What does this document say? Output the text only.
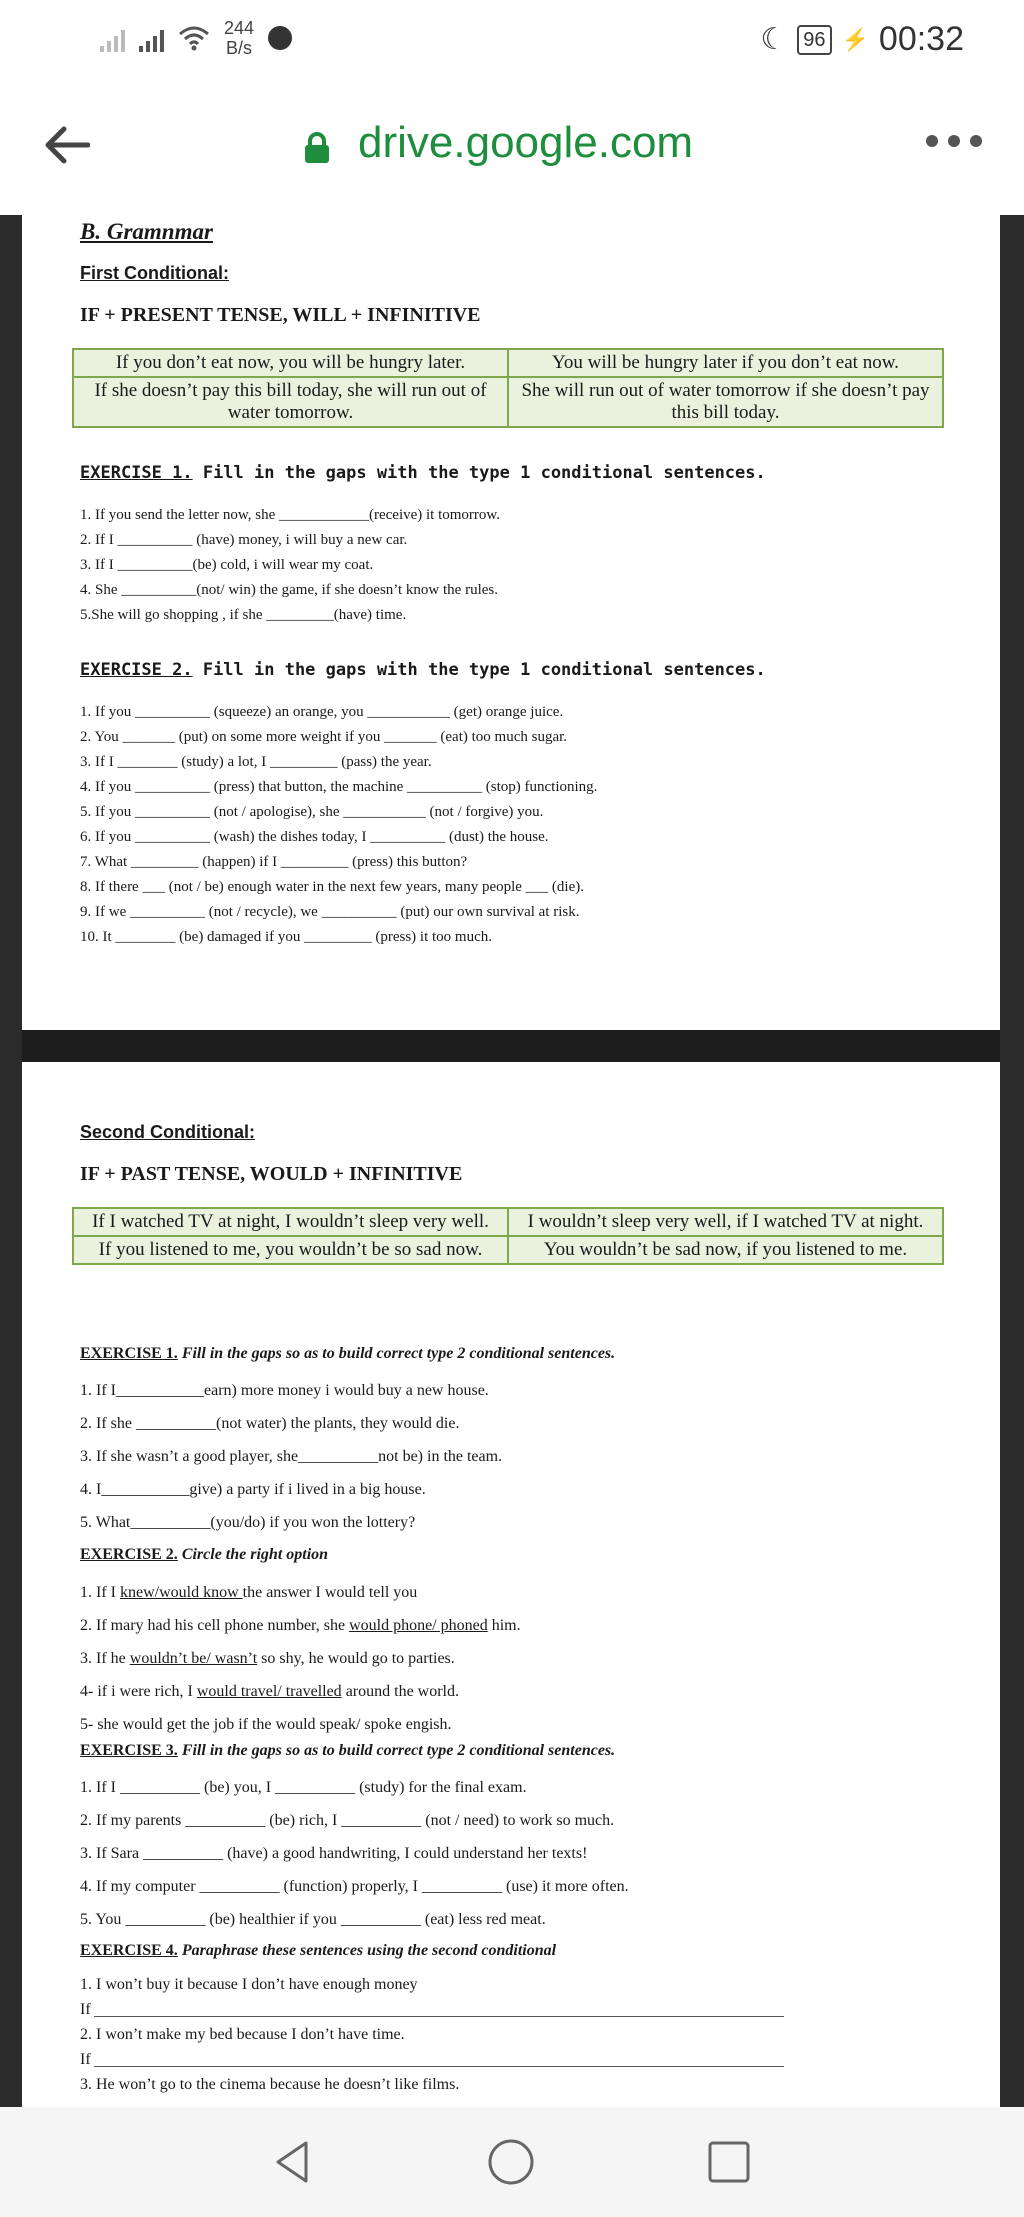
244
B/s	☾ 96 ⚡ 00:32
drive.google.com
B. Gramnmar
First Conditional:
IF + PRESENT TENSE, WILL + INFINITIVE
If you don’t eat now, you will be hungry later.	You will be hungry later if you don’t eat now.
If she doesn’t pay this bill today, she will run out of water tomorrow.	She will run out of water tomorrow if she doesn’t pay this bill today.
EXERCISE 1. Fill in the gaps with the type 1 conditional sentences.
1. If you send the letter now, she ____________(receive) it tomorrow.
2. If I __________ (have) money, i will buy a new car.
3. If I __________(be) cold, i will wear my coat.
4. She __________(not/ win) the game, if she doesn’t know the rules.
5.She will go shopping , if she _________(have) time.
EXERCISE 2. Fill in the gaps with the type 1 conditional sentences.
1. If you __________ (squeeze) an orange, you ___________ (get) orange juice.
2. You _______ (put) on some more weight if you _______ (eat) too much sugar.
3. If I ________ (study) a lot, I _________ (pass) the year.
4. If you __________ (press) that button, the machine __________ (stop) functioning.
5. If you __________ (not / apologise), she ___________ (not / forgive) you.
6. If you __________ (wash) the dishes today, I __________ (dust) the house.
7. What _________ (happen) if I _________ (press) this button?
8. If there ___ (not / be) enough water in the next few years, many people ___ (die).
9. If we __________ (not / recycle), we __________ (put) our own survival at risk.
10. It ________ (be) damaged if you _________ (press) it too much.
Second Conditional:
IF + PAST TENSE, WOULD + INFINITIVE
If I watched TV at night, I wouldn’t sleep very well.	I wouldn’t sleep very well, if I watched TV at night.
If you listened to me, you wouldn’t be so sad now.	You wouldn’t be sad now, if you listened to me.
EXERCISE 1. Fill in the gaps so as to build correct type 2 conditional sentences.
1. If I___________earn) more money i would buy a new house.
2. If she __________(not water) the plants, they would die.
3. If she wasn’t a good player, she__________not be) in the team.
4. I___________give) a party if i lived in a big house.
5. What__________(you/do) if you won the lottery?
EXERCISE 2. Circle the right option
1. If I knew/would know the answer I would tell you
2. If mary had his cell phone number, she would phone/ phoned him.
3. If he wouldn’t be/ wasn’t so shy, he would go to parties.
4- if i were rich, I would travel/ travelled around the world.
5- she would get the job if the would speak/ spoke engish.
EXERCISE 3. Fill in the gaps so as to build correct type 2 conditional sentences.
1. If I __________ (be) you, I __________ (study) for the final exam.
2. If my parents __________ (be) rich, I __________ (not / need) to work so much.
3. If Sara __________ (have) a good handwriting, I could understand her texts!
4. If my computer __________ (function) properly, I __________ (use) it more often.
5. You __________ (be) healthier if you __________ (eat) less red meat.
EXERCISE 4. Paraphrase these sentences using the second conditional
1. I won’t buy it because I don’t have enough money
If
2. I won’t make my bed because I don’t have time.
If
3. He won’t go to the cinema because he doesn’t like films.
